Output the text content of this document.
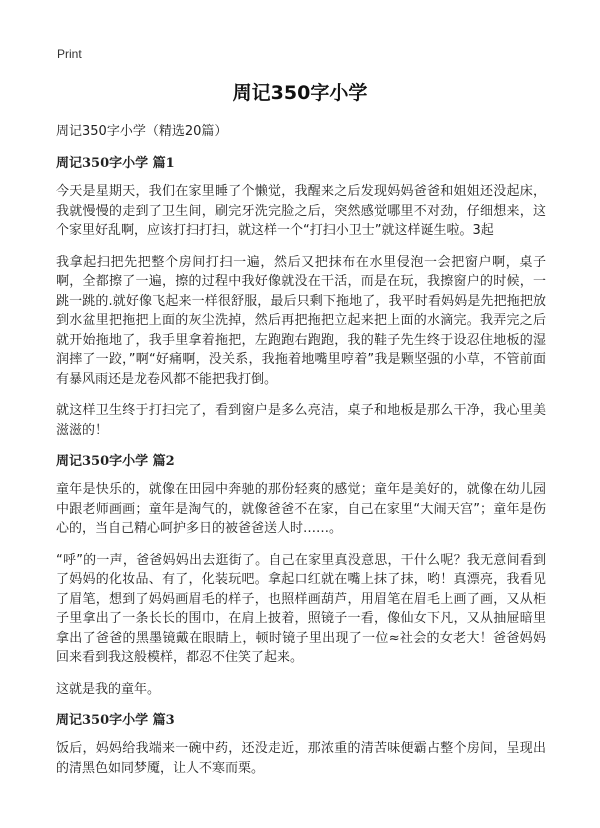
Print
周记350字小学

周记350字小学（精选20篇）

周记350字小学 篇1

今天是星期天，我们在家里睡了个懒觉，我醒来之后发现妈妈爸爸和姐姐还没起床，我就慢慢的走到了卫生间，刷完牙洗完脸之后，突然感觉哪里不对劲，仔细想来，这个家里好乱啊，应该打扫打扫，就这样一个“打扫小卫士”就这样诞生啦。3起

我拿起扫把先把整个房间打扫一遍，然后又把抹布在水里侵泡一会把窗户啊，桌子啊，全都擦了一遍，擦的过程中我好像就没在干活，而是在玩，我擦窗户的时候，一跳一跳的.就好像飞起来一样很舒服，最后只剩下拖地了，我平时看妈妈是先把拖把放到水盆里把拖把上面的灰尘洗掉，然后再把拖把立起来把上面的水滴完。我弄完之后就开始拖地了，我手里拿着拖把，左跑跑右跑跑，我的鞋子先生终于设忍住地板的湿润摔了一跤，”啊“好痛啊，没关系，我拖着地嘴里哼着”我是颗坚强的小草，不管前面有暴风雨还是龙卷风都不能把我打倒。

就这样卫生终于打扫完了，看到窗户是多么亮洁，桌子和地板是那么干净，我心里美滋滋的！

周记350字小学 篇2

童年是快乐的，就像在田园中奔驰的那份轻爽的感觉；童年是美好的，就像在幼儿园中跟老师画画；童年是淘气的，就像爸爸不在家，自己在家里“大闹天宫”；童年是伤心的，当自己精心呵护多日的被爸爸送人时……。

“呼”的一声，爸爸妈妈出去逛街了。自己在家里真没意思，干什么呢？我无意间看到了妈妈的化妆品、有了，化装玩吧。拿起口红就在嘴上抹了抹，哟！真漂亮，我看见了眉笔，想到了妈妈画眉毛的样子，也照样画葫芦，用眉笔在眉毛上画了画，又从柜子里拿出了一条长长的围巾，在肩上披着，照镜子一看，像仙女下凡，又从抽屉暗里拿出了爸爸的黑墨镜戴在眼睛上，顿时镜子里出现了一位≈社会的女老大！爸爸妈妈回来看到我这般模样，都忍不住笑了起来。

这就是我的童年。

周记350字小学 篇3

饭后，妈妈给我端来一碗中药，还没走近，那浓重的清苦味便霸占整个房间，呈现出的清黑色如同梦魇，让人不寒而栗。
